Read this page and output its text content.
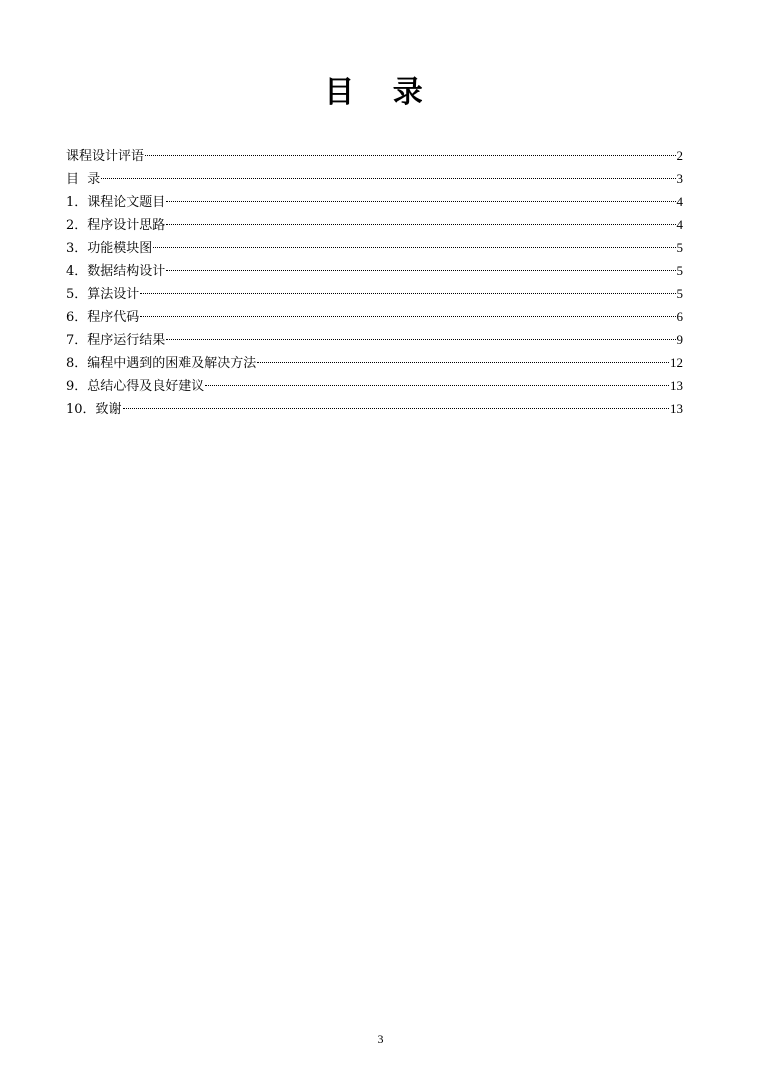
目 录
课程设计评语	2
目  录	3
1．课程论文题目	4
2．程序设计思路	4
3．功能模块图	5
4．数据结构设计	5
5．算法设计	5
6．程序代码	6
7．程序运行结果	9
8．编程中遇到的困难及解决方法	12
9．总结心得及良好建议	13
10．致谢	13
3
